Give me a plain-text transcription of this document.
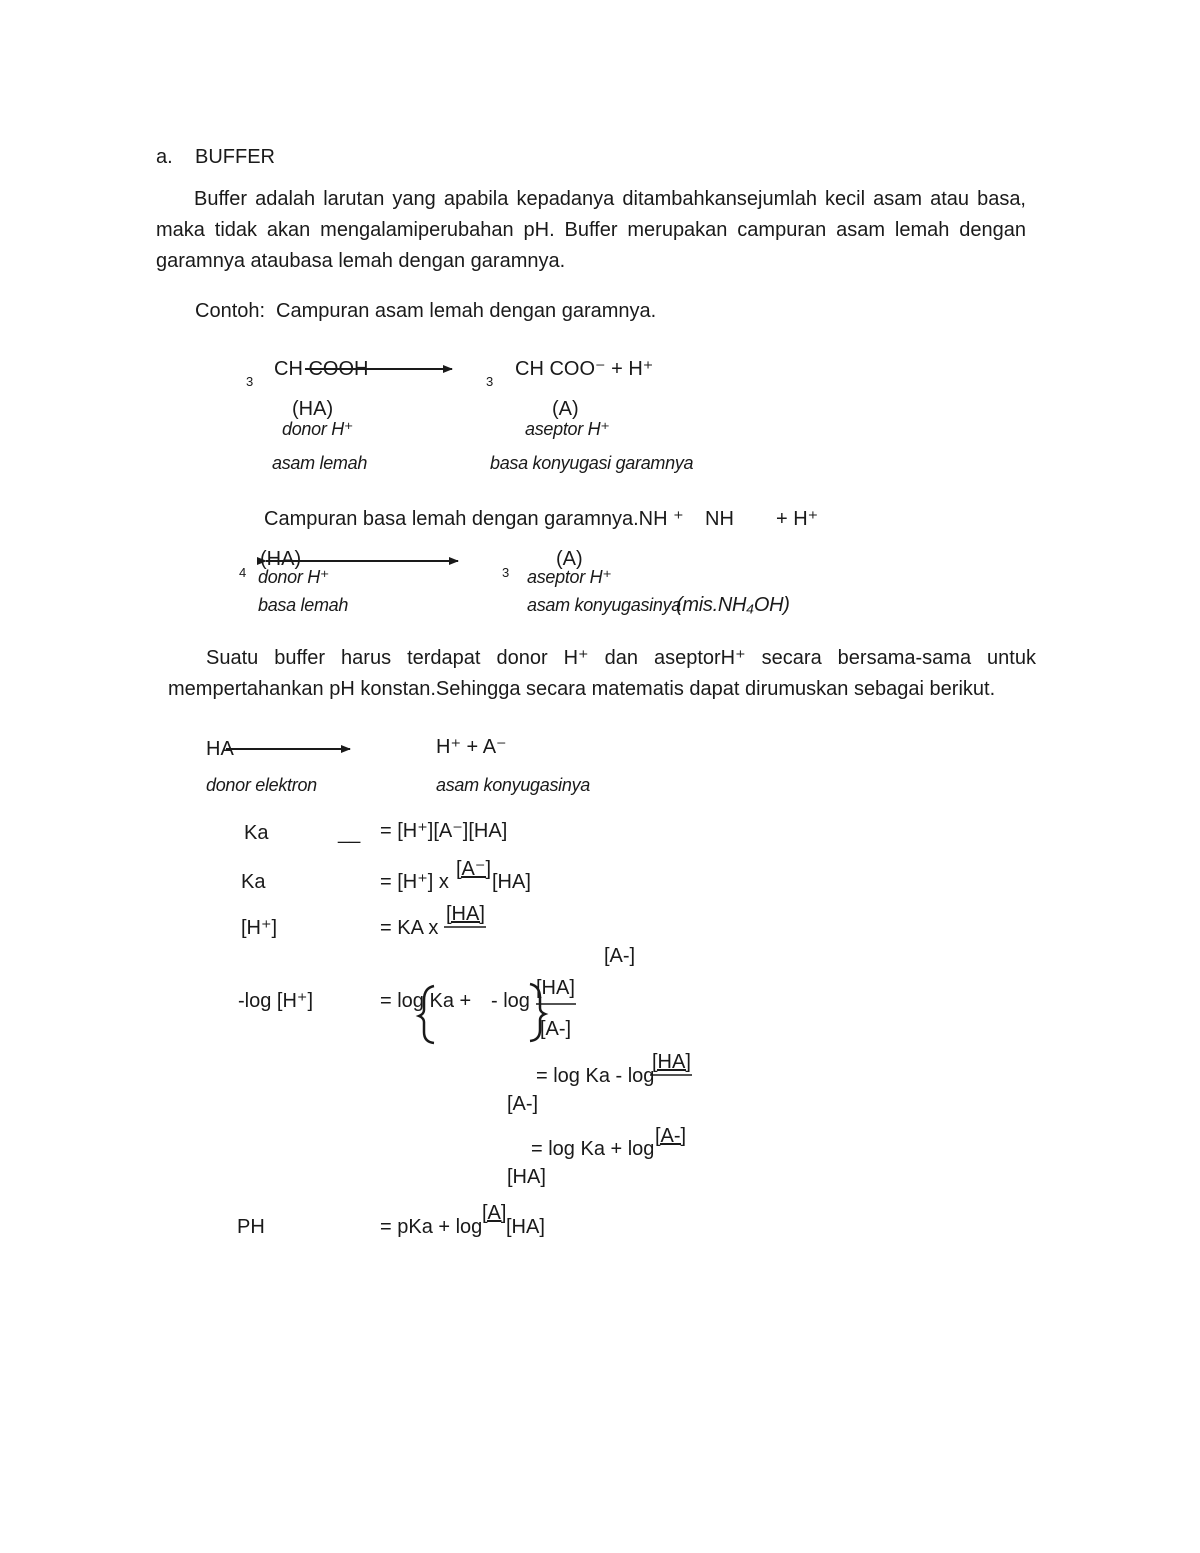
a. BUFFER
Buffer adalah larutan yang apabila kepadanya ditambahkansejumlah kecil asam atau basa, maka tidak akan mengalamiperubahan pH. Buffer merupakan campuran asam lemah dengan garamnya ataubasa lemah dengan garamnya.
Contoh: Campuran asam lemah dengan garamnya.
3
CH COOH
3
CH COO⁻ + H⁺
(HA)
donor H⁺
asam lemah
(A)
aseptor H⁺
basa konyugasi garamnya
Campuran basa lemah dengan garamnya.NH ⁺ NH + H⁺
4
(HA)
donor H⁺
basa lemah
3
(A)
aseptor H⁺
asam konyugasinya
(mis.NH₄OH)
Suatu buffer harus terdapat donor H⁺ dan aseptorH⁺ secara bersama-sama untuk mempertahankan pH konstan.Sehingga secara matematis dapat dirumuskan sebagai berikut.
HA	H⁺ + A⁻
donor elektron	asam konyugasinya
Ka	__ = [H⁺][A⁻][HA]
Ka	= [H⁺] x
[A⁻]
[HA]
[H⁺]	= KA x
[HA]
[A-]
-log [H⁺]	= log Ka + - log
[HA]
[A-]
= log Ka - log
[HA]
[A-]
= log Ka + log
[A-]
[HA]
PH	= pKa + log
[A]
[HA]
